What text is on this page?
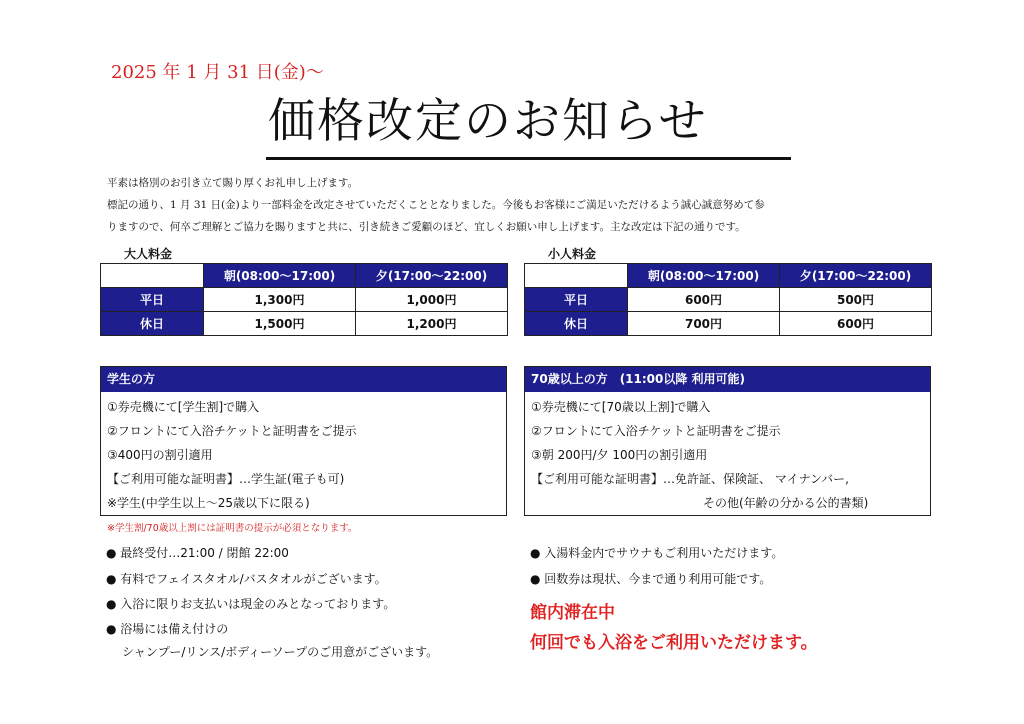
2025 年 1 月 31 日(金)～
価格改定のお知らせ
平素は格別のお引き立て賜り厚くお礼申し上げます。
標記の通り、1 月 31 日(金)より一部料金を改定させていただくこととなりました。今後もお客様にご満足いただけるよう誠心誠意努めて参
りますので、何卒ご理解とご協力を賜りますと共に、引き続きご愛顧のほど、宜しくお願い申し上げます。主な改定は下記の通りです。
大人料金
	朝(08:00～17:00)	夕(17:00～22:00)
平日	1,300円	1,000円
休日	1,500円	1,200円
小人料金
	朝(08:00～17:00)	夕(17:00～22:00)
平日	600円	500円
休日	700円	600円
学生の方
①券売機にて[学生割]で購入
②フロントにて入浴チケットと証明書をご提示
③400円の割引適用
【ご利用可能な証明書】…学生証(電子も可)
※学生(中学生以上～25歳以下に限る)
70歳以上の方　(11:00以降 利用可能)
①券売機にて[70歳以上割]で購入
②フロントにて入浴チケットと証明書をご提示
③朝 200円/夕 100円の割引適用
【ご利用可能な証明書】…免許証、保険証、 マイナンバー,
その他(年齢の分かる公的書類)
※学生割/70歳以上割には証明書の提示が必須となります。
● 最終受付…21:00 / 閉館 22:00
● 有料でフェイスタオル/バスタオルがございます。
● 入浴に限りお支払いは現金のみとなっております。
● 浴場には備え付けの
シャンプー/リンス/ボディーソープのご用意がございます。
● 入湯料金内でサウナもご利用いただけます。
● 回数券は現状、今まで通り利用可能です。
館内滞在中
何回でも入浴をご利用いただけます。
